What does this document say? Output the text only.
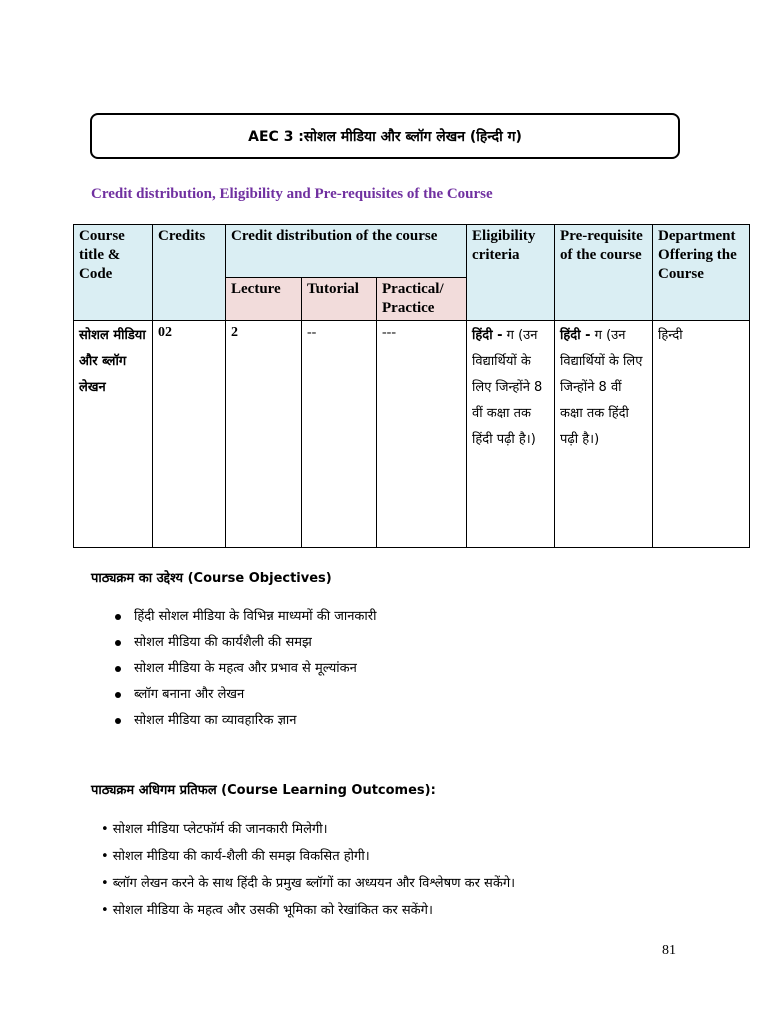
AEC 3 :सोशल मीडिया और ब्लॉग लेखन (हिन्दी ग)
Credit distribution, Eligibility and Pre-requisites of the Course
Course title & Code	Credits	Credit distribution of the course			Eligibility criteria	Pre-requisite of the course	Department Offering the Course
		Lecture	Tutorial	Practical/ Practice			
सोशल मीडिया और ब्लॉग लेखन	02	2	--	---	हिंदी - ग (उन विद्यार्थियों के लिए जिन्होंने 8 वीं कक्षा तक हिंदी पढ़ी है।)	हिंदी - ग (उन विद्यार्थियों के लिए जिन्होंने 8 वीं कक्षा तक हिंदी पढ़ी है।)	हिन्दी
पाठ्यक्रम का उद्देश्य (Course Objectives)
हिंदी सोशल मीडिया के विभिन्न माध्यमों की जानकारी
सोशल मीडिया की कार्यशैली की समझ
सोशल मीडिया के महत्व और प्रभाव से मूल्यांकन
ब्लॉग बनाना और लेखन
सोशल मीडिया का व्यावहारिक ज्ञान
पाठ्यक्रम अधिगम प्रतिफल (Course Learning Outcomes):
• सोशल मीडिया प्लेटफॉर्म की जानकारी मिलेगी।
• सोशल मीडिया की कार्य-शैली की समझ विकसित होगी।
• ब्लॉग लेखन करने के साथ हिंदी के प्रमुख ब्लॉगों का अध्ययन और विश्लेषण कर सकेंगे।
• सोशल मीडिया के महत्व और उसकी भूमिका को रेखांकित कर सकेंगे।
81
